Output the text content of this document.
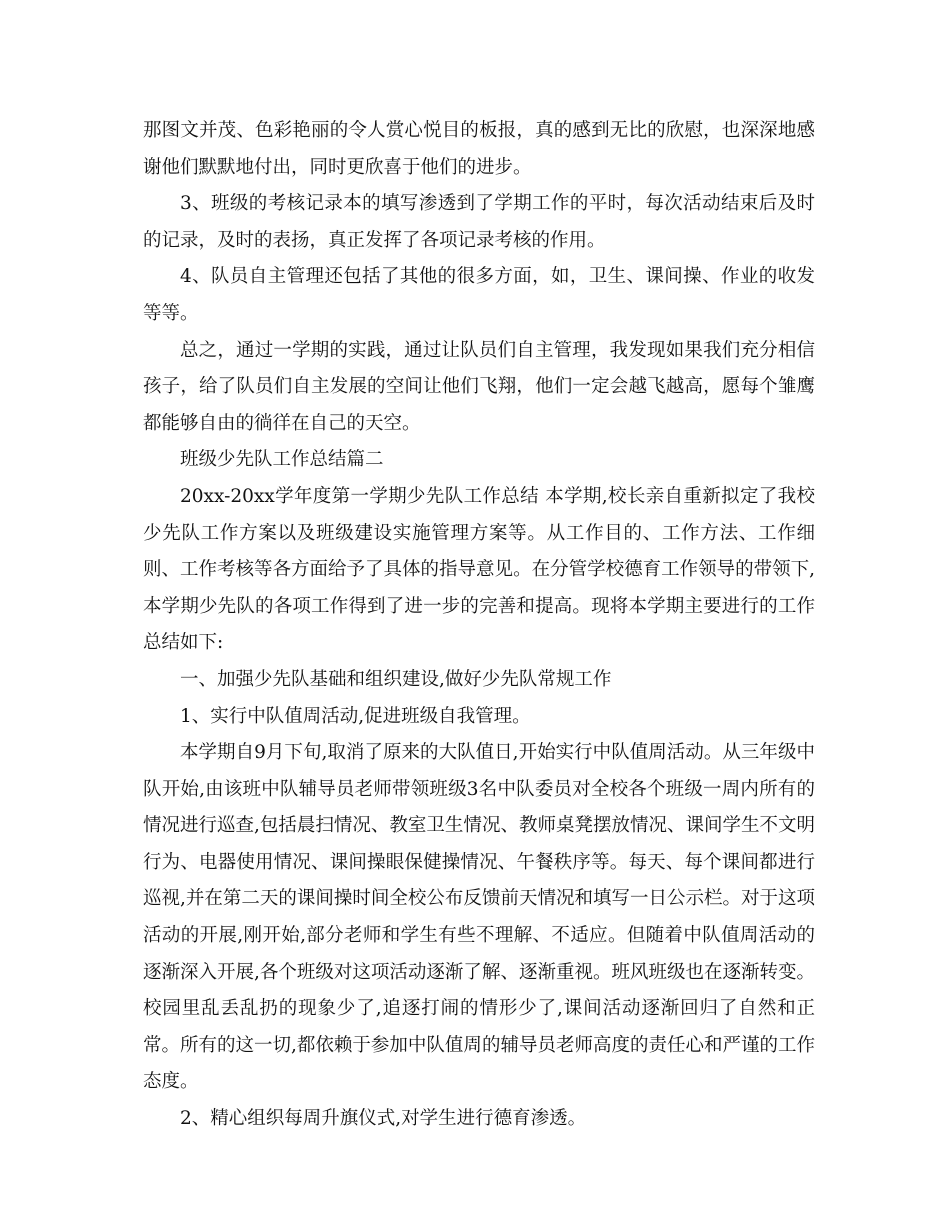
那图文并茂、色彩艳丽的令人赏心悦目的板报，真的感到无比的欣慰，也深深地感谢他们默默地付出，同时更欣喜于他们的进步。

3、班级的考核记录本的填写渗透到了学期工作的平时，每次活动结束后及时的记录，及时的表扬，真正发挥了各项记录考核的作用。

4、队员自主管理还包括了其他的很多方面，如，卫生、课间操、作业的收发等等。

总之，通过一学期的实践，通过让队员们自主管理，我发现如果我们充分相信孩子，给了队员们自主发展的空间让他们飞翔，他们一定会越飞越高，愿每个雏鹰都能够自由的徜徉在自己的天空。

班级少先队工作总结篇二

20xx-20xx学年度第一学期少先队工作总结 本学期,校长亲自重新拟定了我校少先队工作方案以及班级建设实施管理方案等。从工作目的、工作方法、工作细则、工作考核等各方面给予了具体的指导意见。在分管学校德育工作领导的带领下,本学期少先队的各项工作得到了进一步的完善和提高。现将本学期主要进行的工作总结如下:

一、加强少先队基础和组织建设,做好少先队常规工作

1、实行中队值周活动,促进班级自我管理。

本学期自9月下旬,取消了原来的大队值日,开始实行中队值周活动。从三年级中队开始,由该班中队辅导员老师带领班级3名中队委员对全校各个班级一周内所有的情况进行巡查,包括晨扫情况、教室卫生情况、教师桌凳摆放情况、课间学生不文明行为、电器使用情况、课间操眼保健操情况、午餐秩序等。每天、每个课间都进行巡视,并在第二天的课间操时间全校公布反馈前天情况和填写一日公示栏。对于这项活动的开展,刚开始,部分老师和学生有些不理解、不适应。但随着中队值周活动的逐渐深入开展,各个班级对这项活动逐渐了解、逐渐重视。班风班级也在逐渐转变。校园里乱丢乱扔的现象少了,追逐打闹的情形少了,课间活动逐渐回归了自然和正常。所有的这一切,都依赖于参加中队值周的辅导员老师高度的责任心和严谨的工作态度。

2、精心组织每周升旗仪式,对学生进行德育渗透。
